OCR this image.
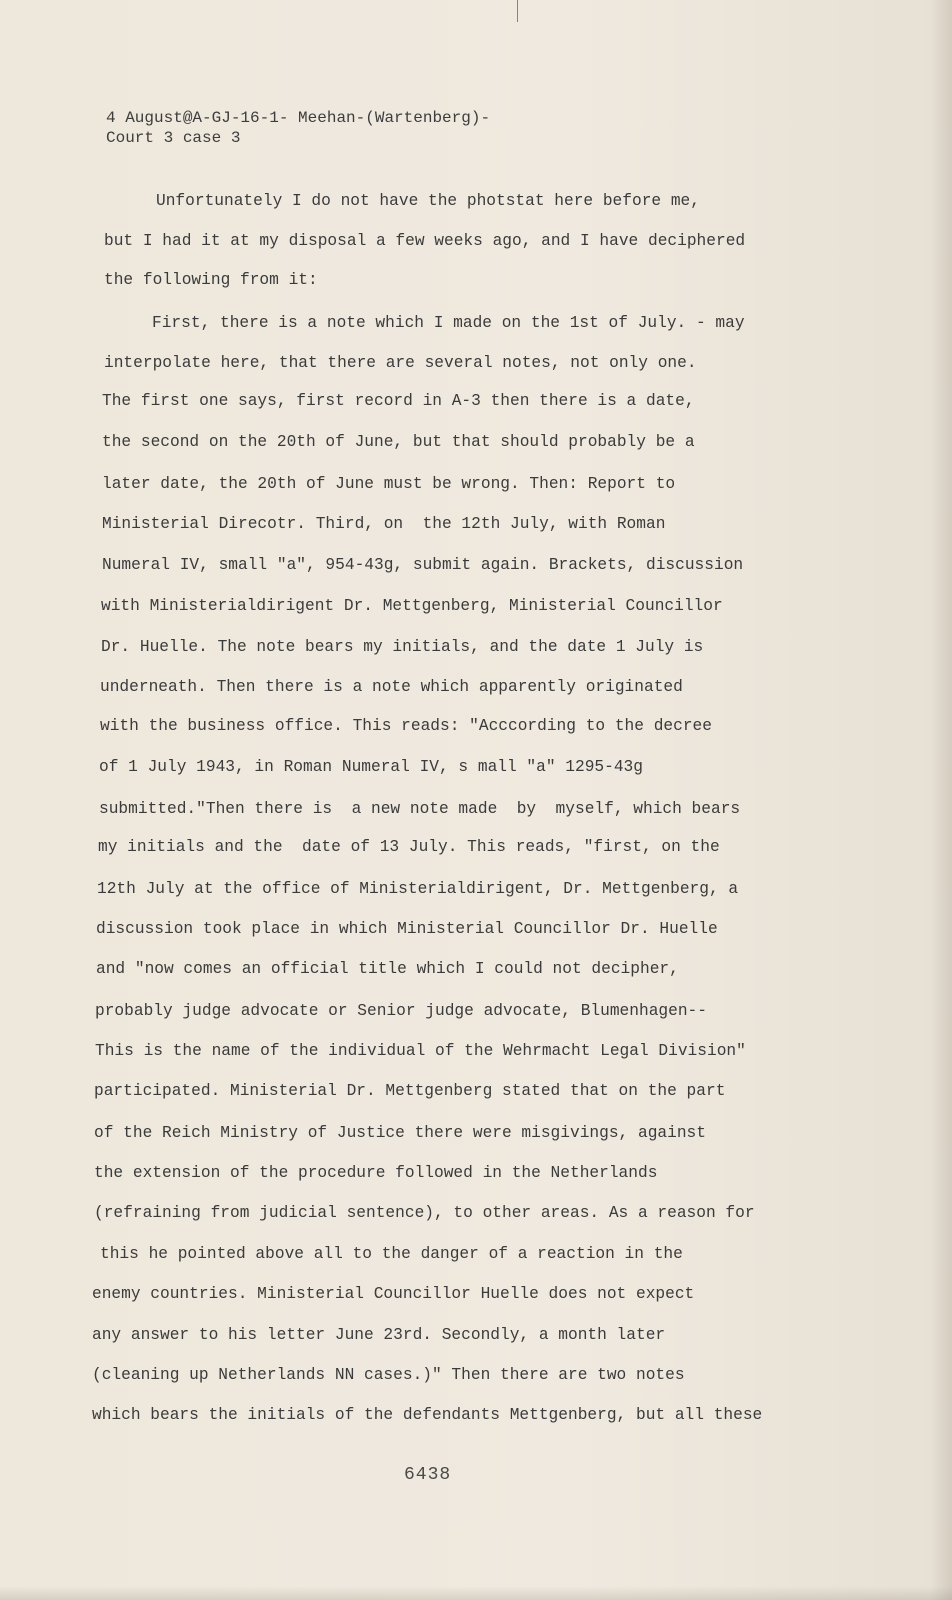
4 August@A-GJ-16-1- Meehan-(Wartenberg)-
Court 3 case 3
Unfortunately I do not have the photstat here before me,
but I had it at my disposal a few weeks ago, and I have deciphered
the following from it:
First, there is a note which I made on the 1st of July. - may
interpolate here, that there are several notes, not only one.
The first one says, first record in A-3 then there is a date,
the second on the 20th of June, but that should probably be a
later date, the 20th of June must be wrong. Then: Report to
Ministerial Direcotr. Third, on  the 12th July, with Roman
Numeral IV, small "a", 954-43g, submit again. Brackets, discussion
with Ministerialdirigent Dr. Mettgenberg, Ministerial Councillor
Dr. Huelle. The note bears my initials, and the date 1 July is
underneath. Then there is a note which apparently originated
with the business office. This reads: "Acccording to the decree
of 1 July 1943, in Roman Numeral IV, s mall "a" 1295-43g
submitted."Then there is  a new note made  by  myself, which bears
my initials and the  date of 13 July. This reads, "first, on the
12th July at the office of Ministerialdirigent, Dr. Mettgenberg, a
discussion took place in which Ministerial Councillor Dr. Huelle
and "now comes an official title which I could not decipher,
probably judge advocate or Senior judge advocate, Blumenhagen--
This is the name of the individual of the Wehrmacht Legal Division"
participated. Ministerial Dr. Mettgenberg stated that on the part
of the Reich Ministry of Justice there were misgivings, against
the extension of the procedure followed in the Netherlands
(refraining from judicial sentence), to other areas. As a reason for
this he pointed above all to the danger of a reaction in the
enemy countries. Ministerial Councillor Huelle does not expect
any answer to his letter June 23rd. Secondly, a month later
(cleaning up Netherlands NN cases.)" Then there are two notes
which bears the initials of the defendants Mettgenberg, but all these
6438
